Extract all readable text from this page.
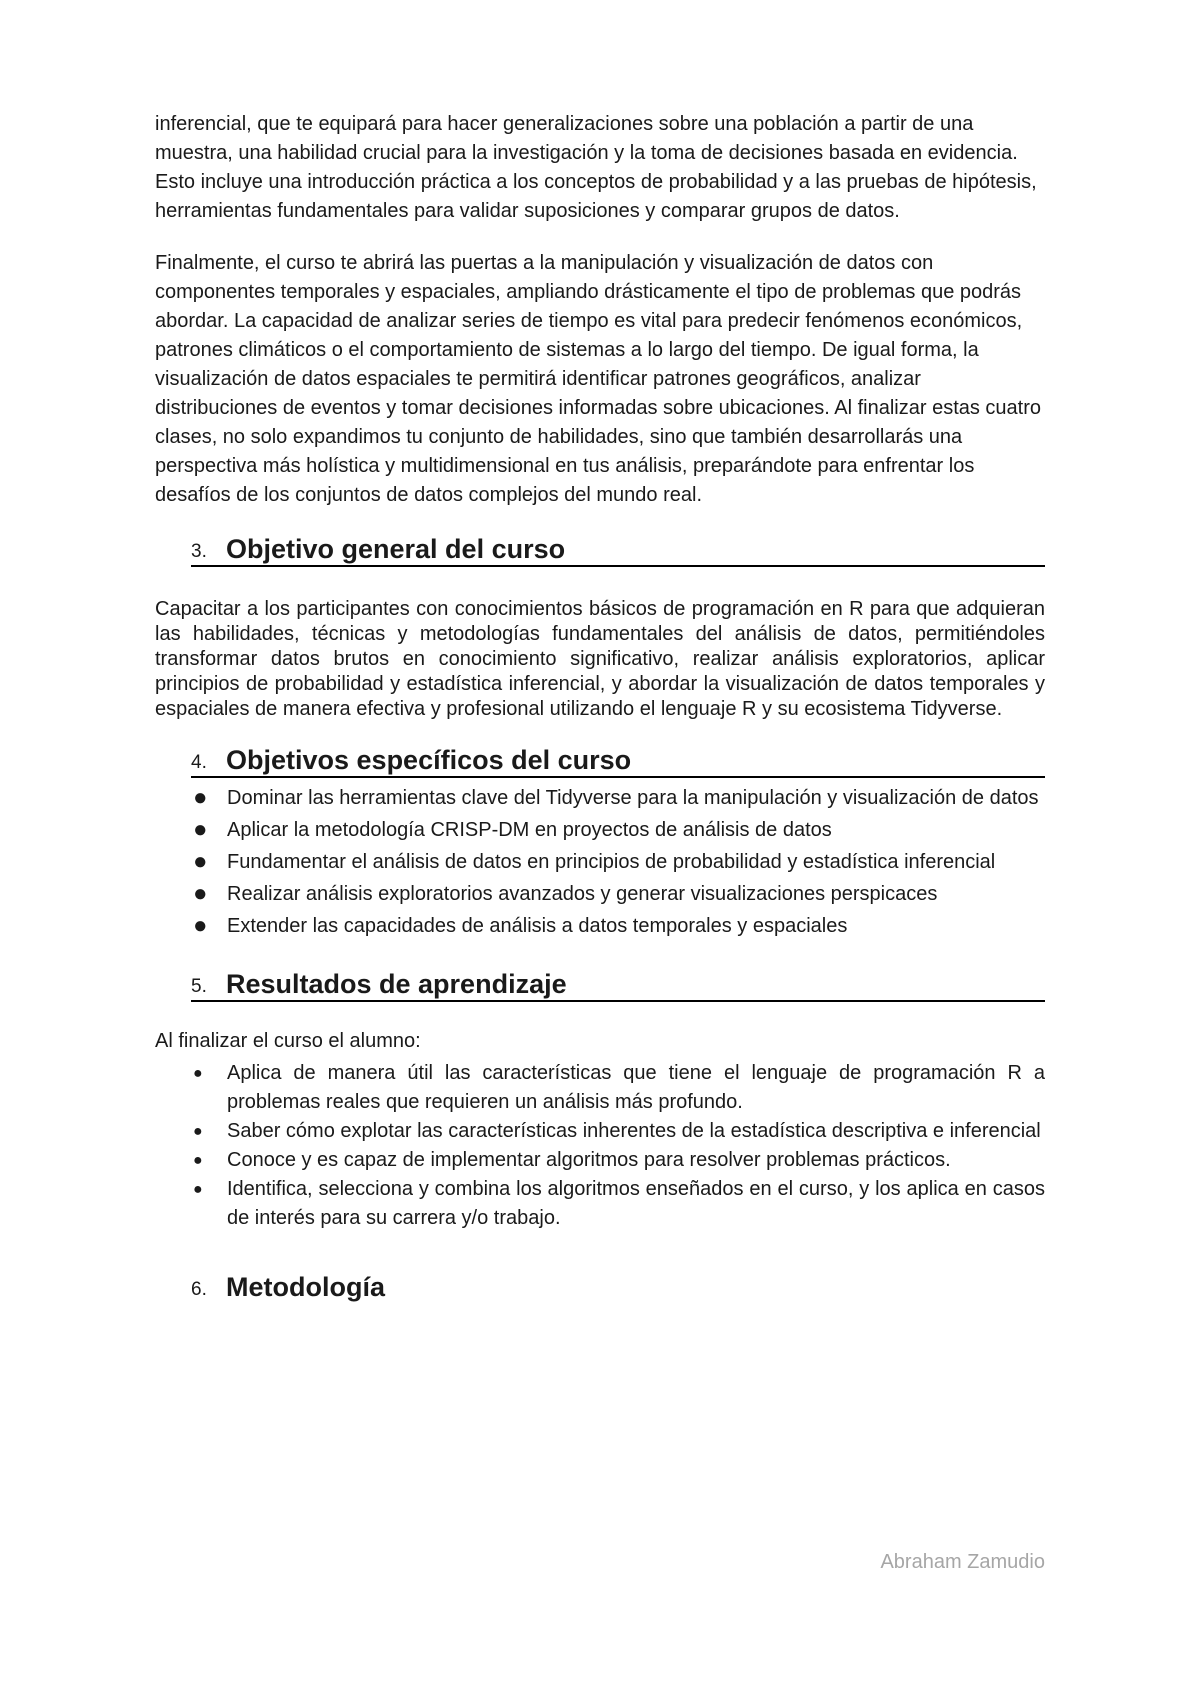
inferencial, que te equipará para hacer generalizaciones sobre una población a partir de una muestra, una habilidad crucial para la investigación y la toma de decisiones basada en evidencia. Esto incluye una introducción práctica a los conceptos de probabilidad y a las pruebas de hipótesis, herramientas fundamentales para validar suposiciones y comparar grupos de datos.

Finalmente, el curso te abrirá las puertas a la manipulación y visualización de datos con componentes temporales y espaciales, ampliando drásticamente el tipo de problemas que podrás abordar. La capacidad de analizar series de tiempo es vital para predecir fenómenos económicos, patrones climáticos o el comportamiento de sistemas a lo largo del tiempo. De igual forma, la visualización de datos espaciales te permitirá identificar patrones geográficos, analizar distribuciones de eventos y tomar decisiones informadas sobre ubicaciones. Al finalizar estas cuatro clases, no solo expandimos tu conjunto de habilidades, sino que también desarrollarás una perspectiva más holística y multidimensional en tus análisis, preparándote para enfrentar los desafíos de los conjuntos de datos complejos del mundo real.

3. Objetivo general del curso

Capacitar a los participantes con conocimientos básicos de programación en R para que adquieran las habilidades, técnicas y metodologías fundamentales del análisis de datos, permitiéndoles transformar datos brutos en conocimiento significativo, realizar análisis exploratorios, aplicar principios de probabilidad y estadística inferencial, y abordar la visualización de datos temporales y espaciales de manera efectiva y profesional utilizando el lenguaje R y su ecosistema Tidyverse.

4. Objetivos específicos del curso
● Dominar las herramientas clave del Tidyverse para la manipulación y visualización de datos
● Aplicar la metodología CRISP-DM en proyectos de análisis de datos
● Fundamentar el análisis de datos en principios de probabilidad y estadística inferencial
● Realizar análisis exploratorios avanzados y generar visualizaciones perspicaces
● Extender las capacidades de análisis a datos temporales y espaciales
5. Resultados de aprendizaje

Al finalizar el curso el alumno:

● Aplica de manera útil las características que tiene el lenguaje de programación R a problemas reales que requieren un análisis más profundo.
● Saber cómo explotar las características inherentes de la estadística descriptiva e inferencial
● Conoce y es capaz de implementar algoritmos para resolver problemas prácticos.
● Identifica, selecciona y combina los algoritmos enseñados en el curso, y los aplica en casos de interés para su carrera y/o trabajo.
6. Metodología
Abraham Zamudio
